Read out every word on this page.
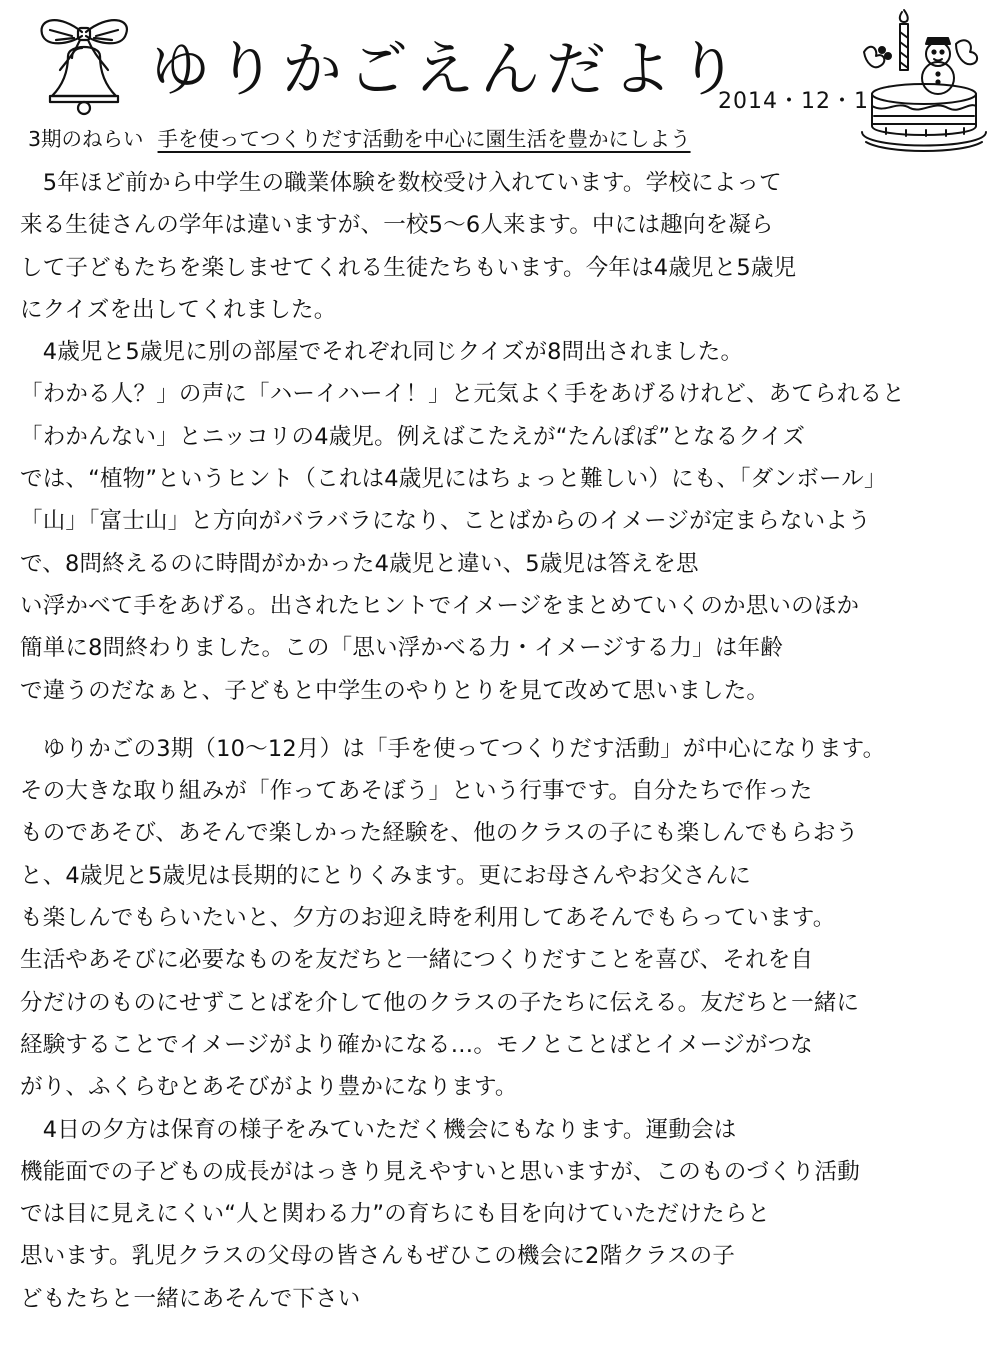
ゆりかごえんだより
2014・12・1
3期のねらい 手を使ってつくりだす活動を中心に園生活を豊かにしよう
　5年ほど前から中学生の職業体験を数校受け入れています。学校によって
来る生徒さんの学年は違いますが、一校5〜6人来ます。中には趣向を凝ら
して子どもたちを楽しませてくれる生徒たちもいます。今年は4歳児と5歳児
にクイズを出してくれました。
　4歳児と5歳児に別の部屋でそれぞれ同じクイズが8問出されました。
「わかる人？」の声に「ハーイハーイ！」と元気よく手をあげるけれど、あてられると
「わかんない」とニッコリの4歳児。例えばこたえが“たんぽぽ”となるクイズ
では、“植物”というヒント（これは4歳児にはちょっと難しい）にも、「ダンボール」
「山」「富士山」と方向がバラバラになり、ことばからのイメージが定まらないよう
で、8問終えるのに時間がかかった4歳児と違い、5歳児は答えを思
い浮かべて手をあげる。出されたヒントでイメージをまとめていくのか思いのほか
簡単に8問終わりました。この「思い浮かべる力・イメージする力」は年齢
で違うのだなぁと、子どもと中学生のやりとりを見て改めて思いました。
　ゆりかごの3期（10〜12月）は「手を使ってつくりだす活動」が中心になります。
その大きな取り組みが「作ってあそぼう」という行事です。自分たちで作った
ものであそび、あそんで楽しかった経験を、他のクラスの子にも楽しんでもらおう
と、4歳児と5歳児は長期的にとりくみます。更にお母さんやお父さんに
も楽しんでもらいたいと、夕方のお迎え時を利用してあそんでもらっています。
生活やあそびに必要なものを友だちと一緒につくりだすことを喜び、それを自
分だけのものにせずことばを介して他のクラスの子たちに伝える。友だちと一緒に
経験することでイメージがより確かになる…。モノとことばとイメージがつな
がり、ふくらむとあそびがより豊かになります。
　4日の夕方は保育の様子をみていただく機会にもなります。運動会は
機能面での子どもの成長がはっきり見えやすいと思いますが、このものづくり活動
では目に見えにくい“人と関わる力”の育ちにも目を向けていただけたらと
思います。乳児クラスの父母の皆さんもぜひこの機会に2階クラスの子
どもたちと一緒にあそんで下さい
